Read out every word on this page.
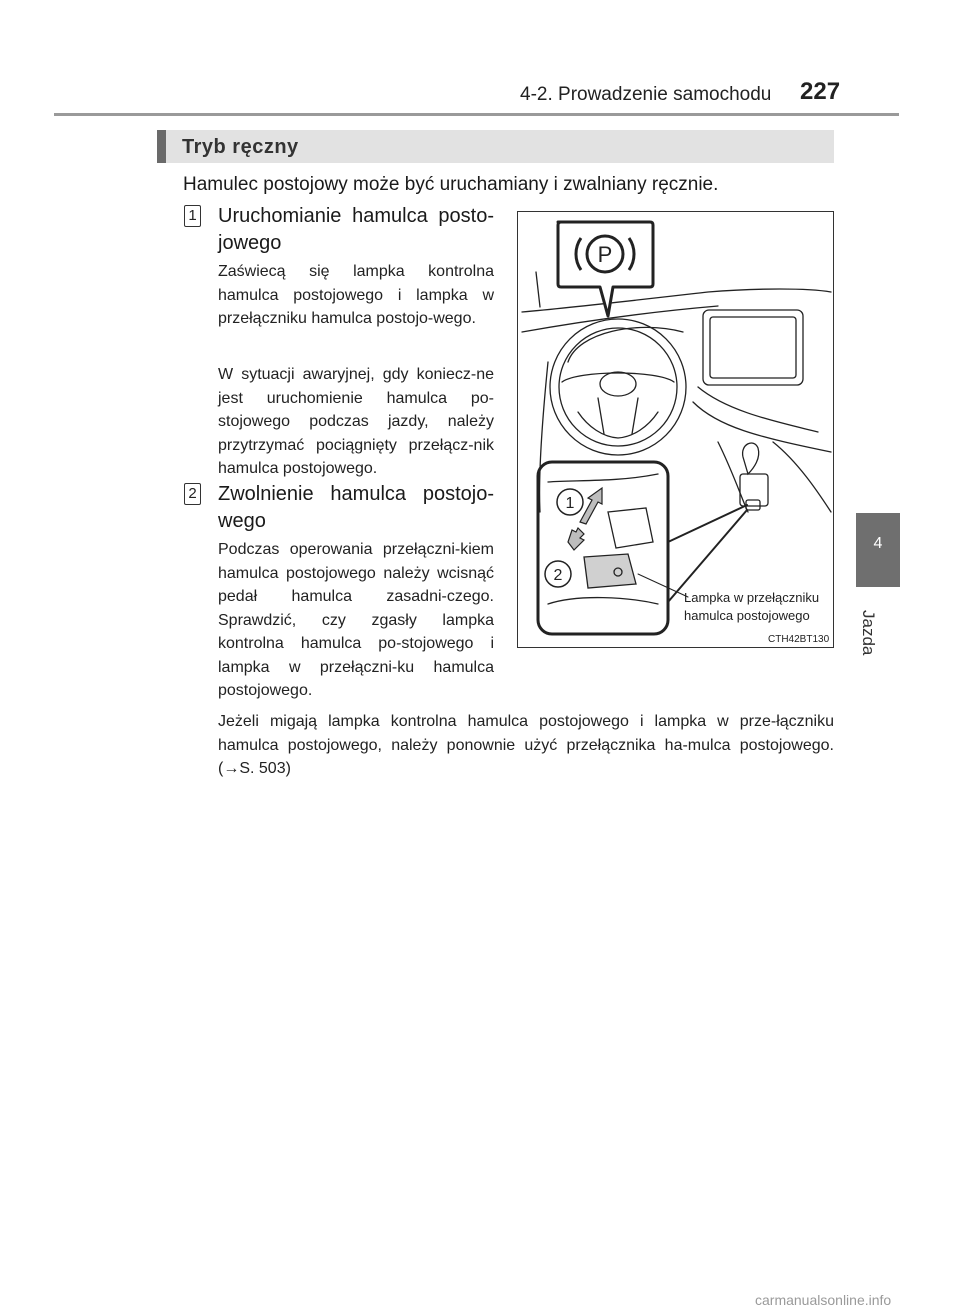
4-2. Prowadzenie samochodu 227
Tryb ręczny
Hamulec postojowy może być uruchamiany i zwalniany ręcznie.
1 Uruchomianie hamulca posto-jowego
Zaświecą się lampka kontrolna hamulca postojowego i lampka w przełączniku hamulca postojo-wego.
W sytuacji awaryjnej, gdy koniecz-ne jest uruchomienie hamulca po-stojowego podczas jazdy, należy przytrzymać pociągnięty przełącz-nik hamulca postojowego.
2 Zwolnienie hamulca postojo-wego
Podczas operowania przełączni-kiem hamulca postojowego należy wcisnąć pedał hamulca zasadni-czego. Sprawdzić, czy zgasły lampka kontrolna hamulca po-stojowego i lampka w przełączni-ku hamulca postojowego.
Jeżeli migają lampka kontrolna hamulca postojowego i lampka w prze-łączniku hamulca postojowego, należy ponownie użyć przełącznika ha-mulca postojowego. (→S. 503)
P
1
2
Lampka w przełączniku
hamulca postojowego
CTH42BT130
4
Jazda
carmanualsonline.info
